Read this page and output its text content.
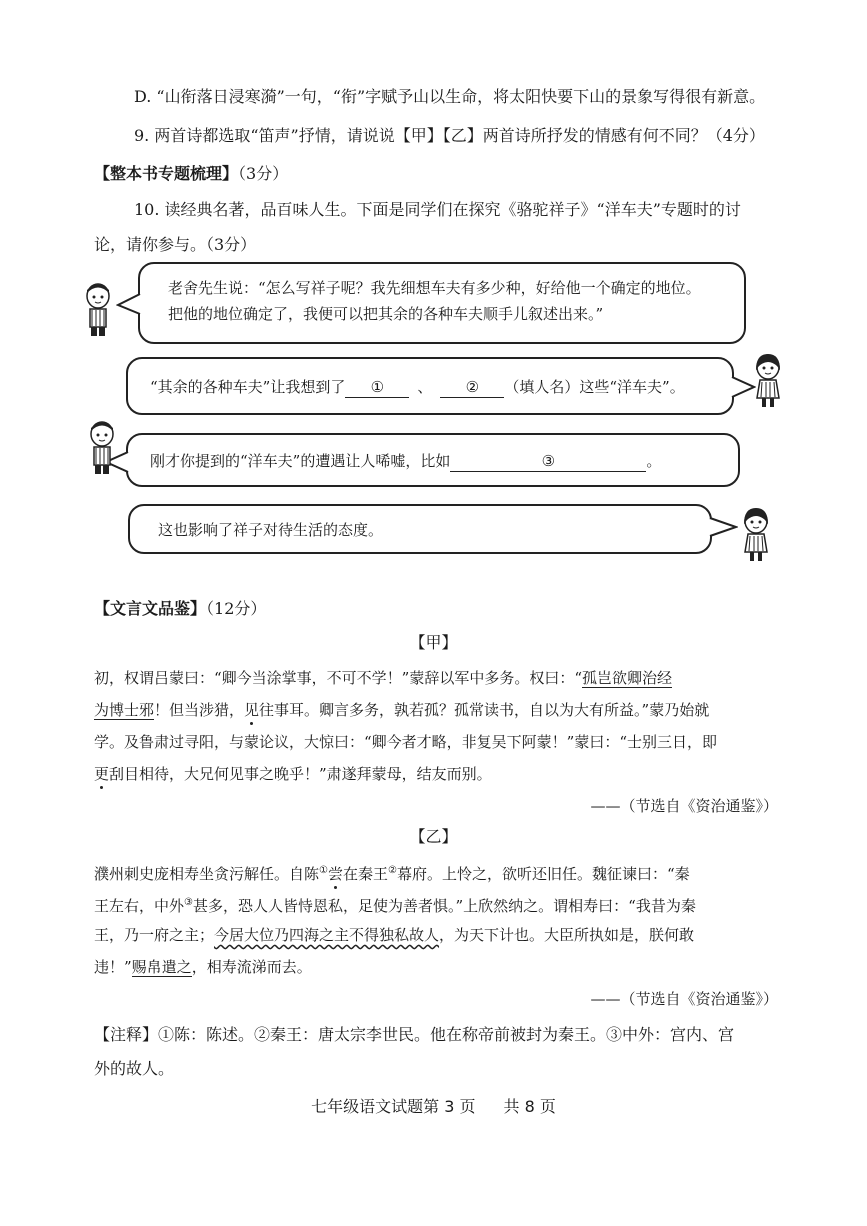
D. “山衔落日浸寒漪”一句，“衔”字赋予山以生命，将太阳快要下山的景象写得很有新意。
9. 两首诗都选取“笛声”抒情，请说说【甲】【乙】两首诗所抒发的情感有何不同？（4分）
【整本书专题梳理】（3分）
10. 读经典名著，品百味人生。下面是同学们在探究《骆驼祥子》“洋车夫”专题时的讨
论，请你参与。（3分）
老舍先生说：“怎么写祥子呢？我先细想车夫有多少种，好给他一个确定的地位。
把他的地位确定了，我便可以把其余的各种车夫顺手儿叙述出来。”
“其余的各种车夫”让我想到了 ① 、 ② （填人名）这些“洋车夫”。
刚才你提到的“洋车夫”的遭遇让人唏嘘，比如	③	。
这也影响了祥子对待生活的态度。
【文言文品鉴】（12分）
【甲】
初，权谓吕蒙曰：“卿今当涂掌事，不可不学！”蒙辞以军中多务。权曰：“孤岂欲卿治经
为博士邪！但当涉猎，见往事耳。卿言多务，孰若孤？孤常读书，自以为大有所益。”蒙乃始就
学。及鲁肃过寻阳，与蒙论议，大惊曰：“卿今者才略，非复吴下阿蒙！”蒙曰：“士别三日，即
更刮目相待，大兄何见事之晚乎！”肃遂拜蒙母，结友而别。
——（节选自《资治通鉴》）
【乙】
濮州刺史庞相寿坐贪污解任。自陈①尝在秦王②幕府。上怜之，欲听还旧任。魏征谏曰：“秦
王左右，中外③甚多，恐人人皆恃恩私，足使为善者惧。”上欣然纳之。谓相寿曰：“我昔为秦
王，乃一府之主；今居大位乃四海之主不得独私故人，为天下计也。大臣所执如是，朕何敢
违！”赐帛遣之，相寿流涕而去。
——（节选自《资治通鉴》）
【注释】①陈：陈述。②秦王：唐太宗李世民。他在称帝前被封为秦王。③中外：宫内、宫
外的故人。
七年级语文试题第 3 页 共 8 页
